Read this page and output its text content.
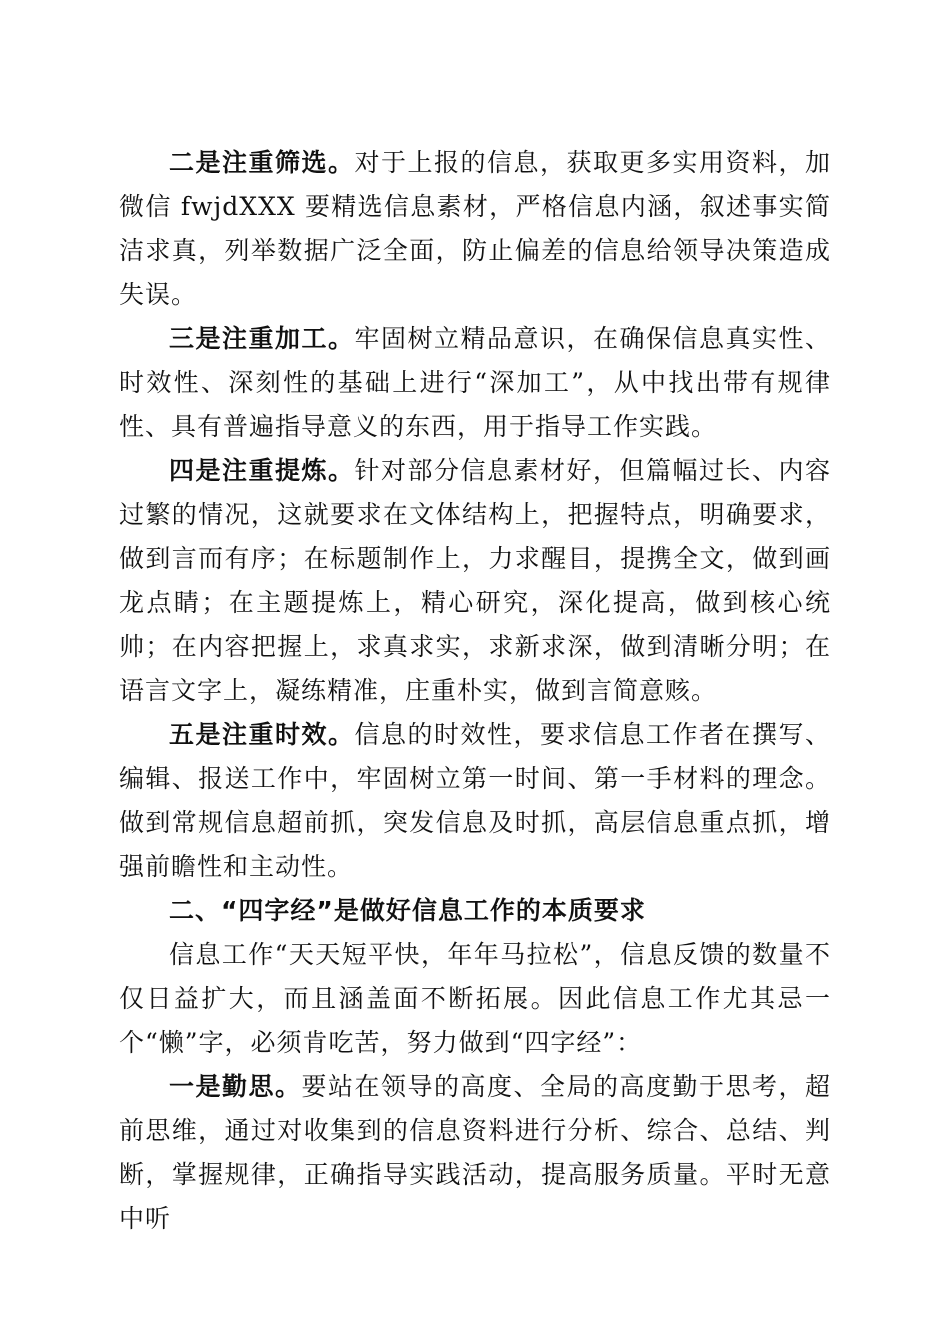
二是注重筛选。对于上报的信息，获取更多实用资料，加微信 fwjdXXX 要精选信息素材，严格信息内涵，叙述事实简洁求真，列举数据广泛全面，防止偏差的信息给领导决策造成失误。

三是注重加工。牢固树立精品意识，在确保信息真实性、时效性、深刻性的基础上进行“深加工”，从中找出带有规律性、具有普遍指导意义的东西，用于指导工作实践。

四是注重提炼。针对部分信息素材好，但篇幅过长、内容过繁的情况，这就要求在文体结构上，把握特点，明确要求，做到言而有序；在标题制作上，力求醒目，提携全文，做到画龙点睛；在主题提炼上，精心研究，深化提高，做到核心统帅；在内容把握上，求真求实，求新求深，做到清晰分明；在语言文字上，凝练精准，庄重朴实，做到言简意赅。

五是注重时效。信息的时效性，要求信息工作者在撰写、编辑、报送工作中，牢固树立第一时间、第一手材料的理念。做到常规信息超前抓，突发信息及时抓，高层信息重点抓，增强前瞻性和主动性。

二、“四字经”是做好信息工作的本质要求

信息工作“天天短平快，年年马拉松”，信息反馈的数量不仅日益扩大，而且涵盖面不断拓展。因此信息工作尤其忌一个“懒”字，必须肯吃苦，努力做到“四字经”：

一是勤思。要站在领导的高度、全局的高度勤于思考，超前思维，通过对收集到的信息资料进行分析、综合、总结、判断，掌握规律，正确指导实践活动，提高服务质量。平时无意中听
